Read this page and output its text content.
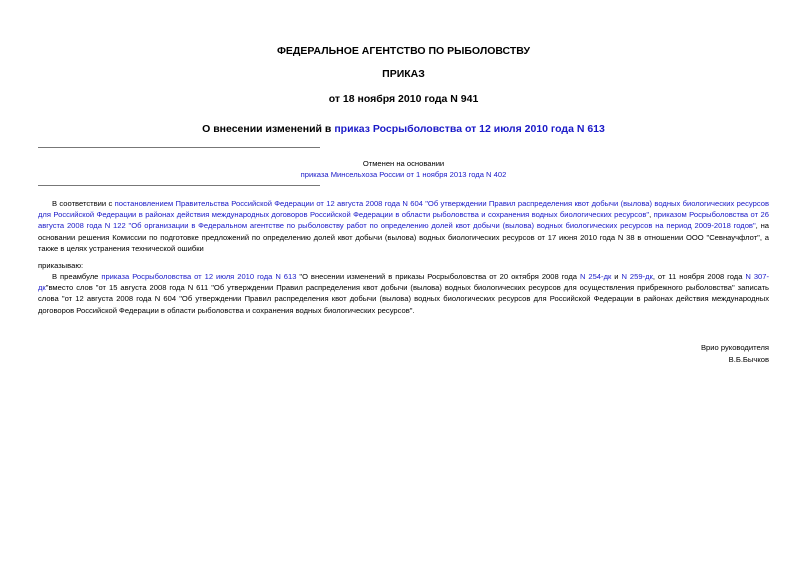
ФЕДЕРАЛЬНОЕ АГЕНТСТВО ПО РЫБОЛОВСТВУ

ПРИКАЗ

от 18 ноября 2010 года N 941

О внесении изменений в приказ Росрыболовства от 12 июля 2010 года N 613

Отменен на основании
приказа Минсельхоза России от 1 ноября 2013 года N 402

В соответствии с постановлением Правительства Российской Федерации от 12 августа 2008 года N 604 "Об утверждении Правил распределения квот добычи (вылова) водных биологических ресурсов для Российской Федерации в районах действия международных договоров Российской Федерации в области рыболовства и сохранения водных биологических ресурсов", приказом Росрыболовства от 26 августа 2008 года N 122 "Об организации в Федеральном агентстве по рыболовству работ по определению долей квот добычи (вылова) водных биологических ресурсов на период 2009-2018 годов", на основании решения Комиссии по подготовке предложений по определению долей квот добычи (вылова) водных биологических ресурсов от 17 июня 2010 года N 38 в отношении ООО "Севнаучфлот", а также в целях устранения технической ошибки

приказываю:

В преамбуле приказа Росрыболовства от 12 июля 2010 года N 613 "О внесении изменений в приказы Росрыболовства от 20 октября 2008 года N 254-дк и N 259-дк, от 11 ноября 2008 года N 307-дк"вместо слов "от 15 августа 2008 года N 611 "Об утверждении Правил распределения квот добычи (вылова) водных биологических ресурсов для осуществления прибрежного рыболовства" записать слова "от 12 августа 2008 года N 604 "Об утверждении Правил распределения квот добычи (вылова) водных биологических ресурсов для Российской Федерации в районах действия международных договоров Российской Федерации в области рыболовства и сохранения водных биологических ресурсов".

Врио руководителя
В.Б.Бычков
